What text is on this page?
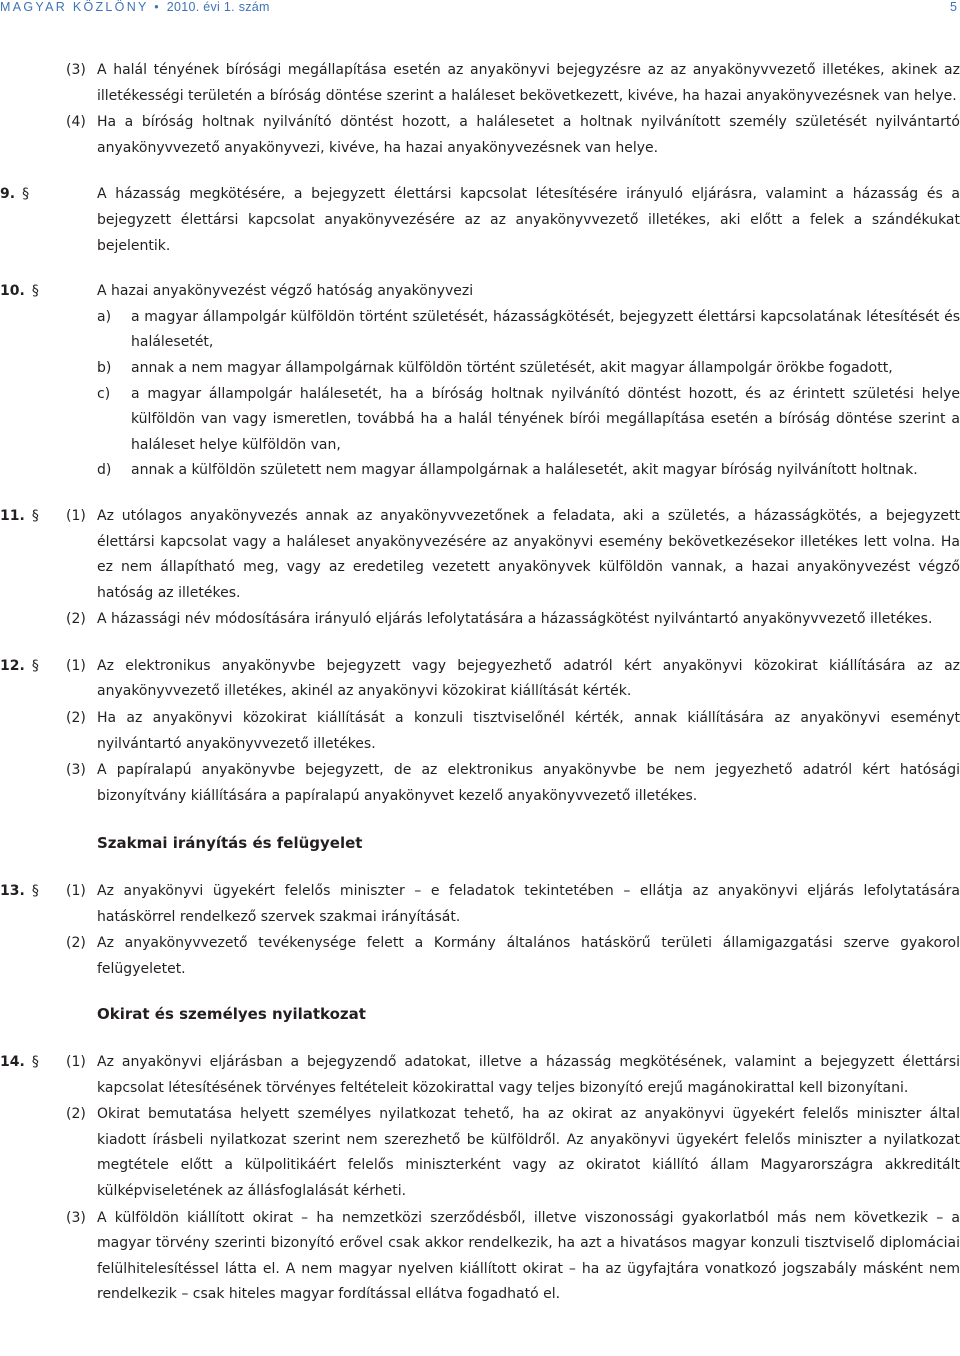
MAGYAR KÖZLÖNY • 2010. évi 1. szám	5
(3) A halál tényének bírósági megállapítása esetén az anyakönyvi bejegyzésre az az anyakönyvvezető illetékes, akinek az illetékességi területén a bíróság döntése szerint a haláleset bekövetkezett, kivéve, ha hazai anyakönyvezésnek van helye.
(4) Ha a bíróság holtnak nyilvánító döntést hozott, a halálesetet a holtnak nyilvánított személy születését nyilvántartó anyakönyvvezető anyakönyvezi, kivéve, ha hazai anyakönyvezésnek van helye.
9. §	A házasság megkötésére, a bejegyzett élettársi kapcsolat létesítésére irányuló eljárásra, valamint a házasság és a bejegyzett élettársi kapcsolat anyakönyvezésére az az anyakönyvvezető illetékes, aki előtt a felek a szándékukat bejelentik.
10. §	A hazai anyakönyvezést végző hatóság anyakönyvezi
a) a magyar állampolgár külföldön történt születését, házasságkötését, bejegyzett élettársi kapcsolatának létesítését és halálesetét,
b) annak a nem magyar állampolgárnak külföldön történt születését, akit magyar állampolgár örökbe fogadott,
c) a magyar állampolgár halálesetét, ha a bíróság holtnak nyilvánító döntést hozott, és az érintett születési helye külföldön van vagy ismeretlen, továbbá ha a halál tényének bírói megállapítása esetén a bíróság döntése szerint a haláleset helye külföldön van,
d) annak a külföldön született nem magyar állampolgárnak a halálesetét, akit magyar bíróság nyilvánított holtnak.
11. § (1) Az utólagos anyakönyvezés annak az anyakönyvvezetőnek a feladata, aki a születés, a házasságkötés, a bejegyzett élettársi kapcsolat vagy a haláleset anyakönyvezésére az anyakönyvi esemény bekövetkezésekor illetékes lett volna. Ha ez nem állapítható meg, vagy az eredetileg vezetett anyakönyvek külföldön vannak, a hazai anyakönyvezést végző hatóság az illetékes.
(2) A házassági név módosítására irányuló eljárás lefolytatására a házasságkötést nyilvántartó anyakönyvvezető illetékes.
12. § (1) Az elektronikus anyakönyvbe bejegyzett vagy bejegyezhető adatról kért anyakönyvi közokirat kiállítására az az anyakönyvvezető illetékes, akinél az anyakönyvi közokirat kiállítását kérték.
(2) Ha az anyakönyvi közokirat kiállítását a konzuli tisztviselőnél kérték, annak kiállítására az anyakönyvi eseményt nyilvántartó anyakönyvvezető illetékes.
(3) A papíralapú anyakönyvbe bejegyzett, de az elektronikus anyakönyvbe be nem jegyezhető adatról kért hatósági bizonyítvány kiállítására a papíralapú anyakönyvet kezelő anyakönyvvezető illetékes.
Szakmai irányítás és felügyelet
13. § (1) Az anyakönyvi ügyekért felelős miniszter – e feladatok tekintetében – ellátja az anyakönyvi eljárás lefolytatására hatáskörrel rendelkező szervek szakmai irányítását.
(2) Az anyakönyvvezető tevékenysége felett a Kormány általános hatáskörű területi államigazgatási szerve gyakorol felügyeletet.
Okirat és személyes nyilatkozat
14. § (1) Az anyakönyvi eljárásban a bejegyzendő adatokat, illetve a házasság megkötésének, valamint a bejegyzett élettársi kapcsolat létesítésének törvényes feltételeit közokirattal vagy teljes bizonyító erejű magánokirattal kell bizonyítani.
(2) Okirat bemutatása helyett személyes nyilatkozat tehető, ha az okirat az anyakönyvi ügyekért felelős miniszter által kiadott írásbeli nyilatkozat szerint nem szerezhető be külföldről. Az anyakönyvi ügyekért felelős miniszter a nyilatkozat megtétele előtt a külpolitikáért felelős miniszterként vagy az okiratot kiállító állam Magyarországra akkreditált külképviseletének az állásfoglalását kérheti.
(3) A külföldön kiállított okirat – ha nemzetközi szerződésből, illetve viszonossági gyakorlatból más nem következik – a magyar törvény szerinti bizonyító erővel csak akkor rendelkezik, ha azt a hivatásos magyar konzuli tisztviselő diplomáciai felülhitelesítéssel látta el. A nem magyar nyelven kiállított okirat – ha az ügyfajtára vonatkozó jogszabály másként nem rendelkezik – csak hiteles magyar fordítással ellátva fogadható el.
